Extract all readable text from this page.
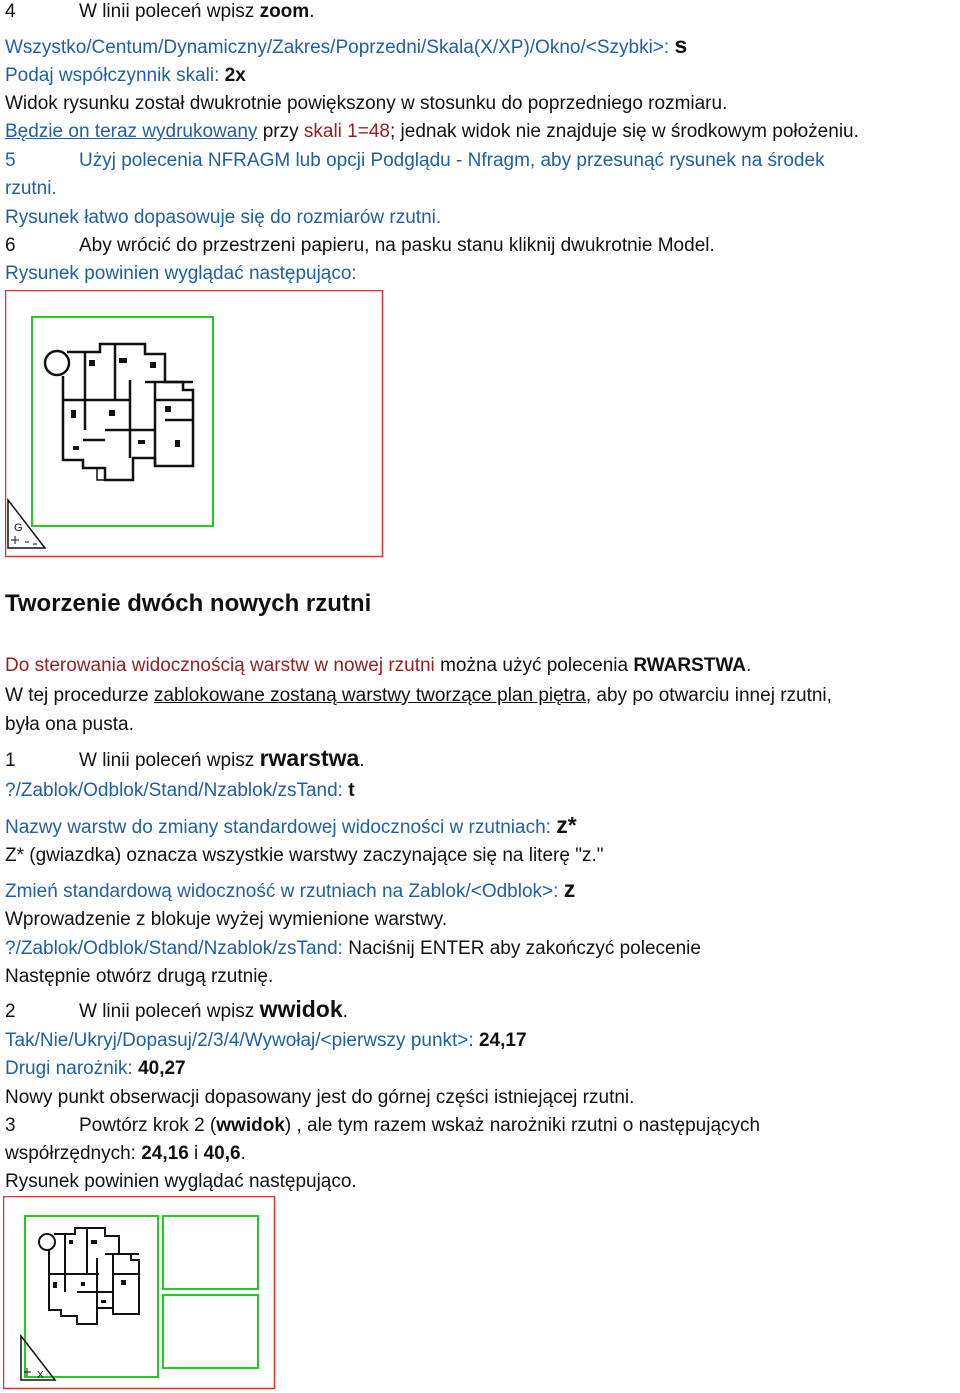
4	W linii poleceń wpisz zoom.
Wszystko/Centum/Dynamiczny/Zakres/Poprzedni/Skala(X/XP)/Okno/<Szybki>: s
Podaj współczynnik skali: 2x
Widok rysunku został dwukrotnie powiększony w stosunku do poprzedniego rozmiaru.
Będzie on teraz wydrukowany przy skali 1=48; jednak widok nie znajduje się w środkowym położeniu.
5	Użyj polecenia NFRAGM lub opcji Podglądu - Nfragm, aby przesunąć rysunek na środek
rzutni.
Rysunek łatwo dopasowuje się do rozmiarów rzutni.
6	Aby wrócić do przestrzeni papieru, na pasku stanu kliknij dwukrotnie Model.
Rysunek powinien wyglądać następująco:
G
Tworzenie dwóch nowych rzutni
Do sterowania widocznością warstw w nowej rzutni można użyć polecenia RWARSTWA.
W tej procedurze zablokowane zostaną warstwy tworzące plan piętra, aby po otwarciu innej rzutni,
była ona pusta.
1	W linii poleceń wpisz rwarstwa.
?/Zablok/Odblok/Stand/Nzablok/zsTand: t
Nazwy warstw do zmiany standardowej widoczności w rzutniach: z*
Z* (gwiazdka) oznacza wszystkie warstwy zaczynające się na literę "z."
Zmień standardową widoczność w rzutniach na Zablok/<Odblok>: z
Wprowadzenie z blokuje wyżej wymienione warstwy.
?/Zablok/Odblok/Stand/Nzablok/zsTand: Naciśnij ENTER aby zakończyć polecenie
Następnie otwórz drugą rzutnię.
2	W linii poleceń wpisz wwidok.
Tak/Nie/Ukryj/Dopasuj/2/3/4/Wywołaj/<pierwszy punkt>: 24,17
Drugi narożnik: 40,27
Nowy punkt obserwacji dopasowany jest do górnej części istniejącej rzutni.
3	Powtórz krok 2 (wwidok) , ale tym razem wskaż narożniki rzutni o następujących
współrzędnych: 24,16 i 40,6.
Rysunek powinien wyglądać następująco.
X
